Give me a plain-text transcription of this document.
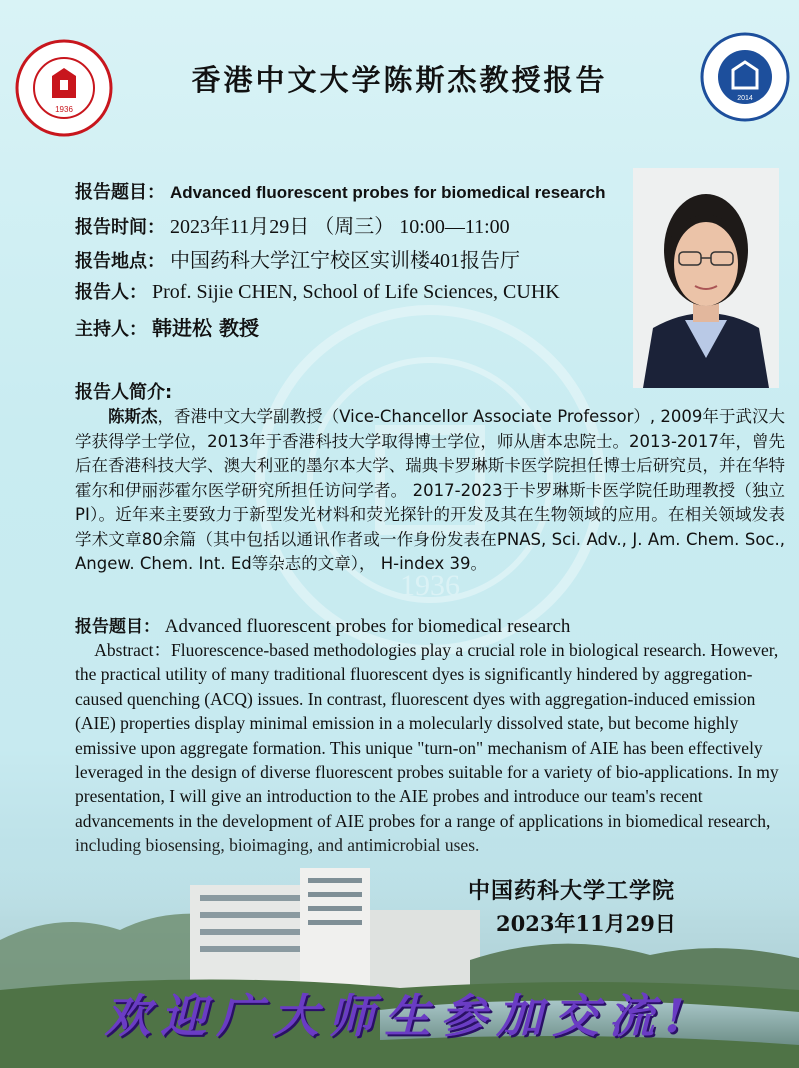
1936
1936
2014
香港中文大学陈斯杰教授报告
报告题目： Advanced fluorescent probes for biomedical research
报告时间： 2023年11月29日 （周三） 10:00—11:00
报告地点： 中国药科大学江宁校区实训楼401报告厅
报告人： Prof. Sijie CHEN, School of Life Sciences, CUHK
主持人： 韩进松 教授
报告人简介:
陈斯杰，香港中文大学副教授（Vice-Chancellor Associate Professor）, 2009年于武汉大学获得学士学位，2013年于香港科技大学取得博士学位，师从唐本忠院士。2013-2017年，曾先后在香港科技大学、澳大利亚的墨尔本大学、瑞典卡罗琳斯卡医学院担任博士后研究员，并在华特霍尔和伊丽莎霍尔医学研究所担任访问学者。 2017-2023于卡罗琳斯卡医学院任助理教授（独立PI）。近年来主要致力于新型发光材料和荧光探针的开发及其在生物领域的应用。在相关领域发表学术文章80余篇（其中包括以通讯作者或一作身份发表在PNAS, Sci. Adv., J. Am. Chem. Soc., Angew. Chem. Int. Ed等杂志的文章）， H-index 39。
报告题目： Advanced fluorescent probes for biomedical research
Abstract：Fluorescence-based methodologies play a crucial role in biological research. However, the practical utility of many traditional fluorescent dyes is significantly hindered by aggregation-caused quenching (ACQ) issues. In contrast, fluorescent dyes with aggregation-induced emission (AIE) properties display minimal emission in a molecularly dissolved state, but become highly emissive upon aggregate formation. This unique "turn-on" mechanism of AIE has been effectively leveraged in the design of diverse fluorescent probes suitable for a variety of bio-applications. In my presentation, I will give an introduction to the AIE probes and introduce our team's recent advancements in the development of AIE probes for a range of applications in biomedical research,
中国药科大学工学院
2023年11月29日
欢迎广大师生参加交流!
